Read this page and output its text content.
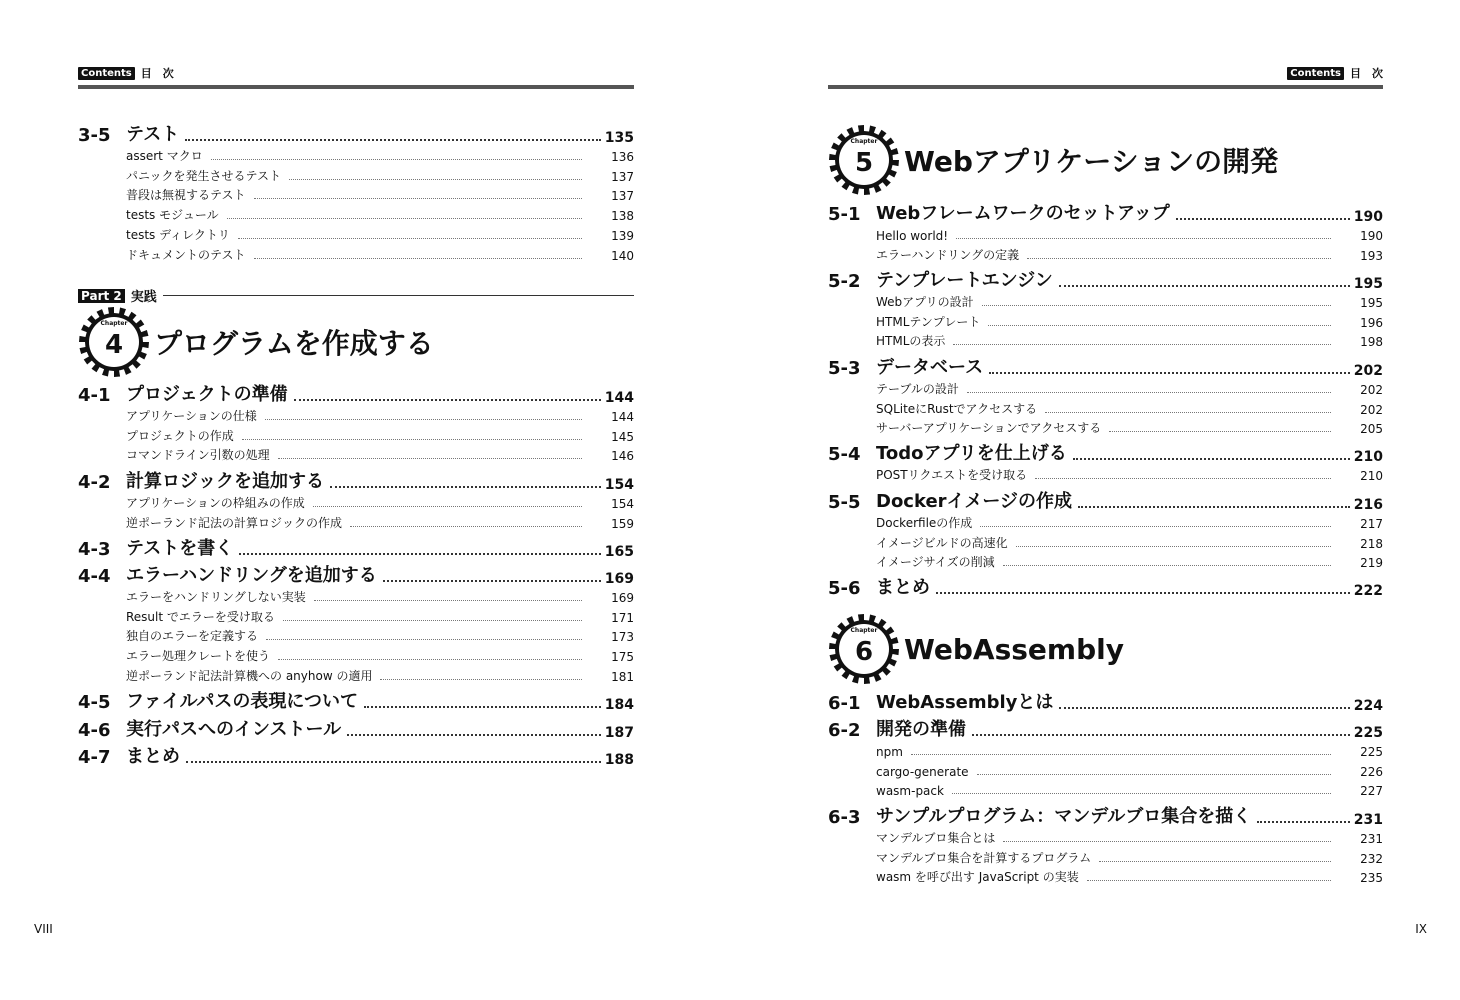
Contents 目　次
3-5 テスト	135
assert マクロ	136
パニックを発生させるテスト	137
普段は無視するテスト	137
tests モジュール	138
tests ディレクトリ	139
ドキュメントのテスト	140
Part 2 実践
Chapter
4	プログラムを作成する
4-1 プロジェクトの準備	144
アプリケーションの仕様	144
プロジェクトの作成	145
コマンドライン引数の処理	146
4-2 計算ロジックを追加する	154
アプリケーションの枠組みの作成	154
逆ポーランド記法の計算ロジックの作成	159
4-3 テストを書く	165
4-4 エラーハンドリングを追加する	169
エラーをハンドリングしない実装	169
Result でエラーを受け取る	171
独自のエラーを定義する	173
エラー処理クレートを使う	175
逆ポーランド記法計算機への anyhow の適用	181
4-5 ファイルパスの表現について	184
4-6 実行パスへのインストール	187
4-7 まとめ	188
VIII
Contents 目　次
Chapter
5	Webアプリケーションの開発
5-1 Webフレームワークのセットアップ	190
Hello world!	190
エラーハンドリングの定義	193
5-2 テンプレートエンジン	195
Webアプリの設計	195
HTMLテンプレート	196
HTMLの表示	198
5-3 データベース	202
テーブルの設計	202
SQLiteにRustでアクセスする	202
サーバーアプリケーションでアクセスする	205
5-4 Todoアプリを仕上げる	210
POSTリクエストを受け取る	210
5-5 Dockerイメージの作成	216
Dockerfileの作成	217
イメージビルドの高速化	218
イメージサイズの削減	219
5-6 まとめ	222
Chapter
6	WebAssembly
6-1 WebAssemblyとは	224
6-2 開発の準備	225
npm	225
cargo-generate	226
wasm-pack	227
6-3 サンプルプログラム：マンデルブロ集合を描く	231
マンデルブロ集合とは	231
マンデルブロ集合を計算するプログラム	232
wasm を呼び出す JavaScript の実装	235
IX
